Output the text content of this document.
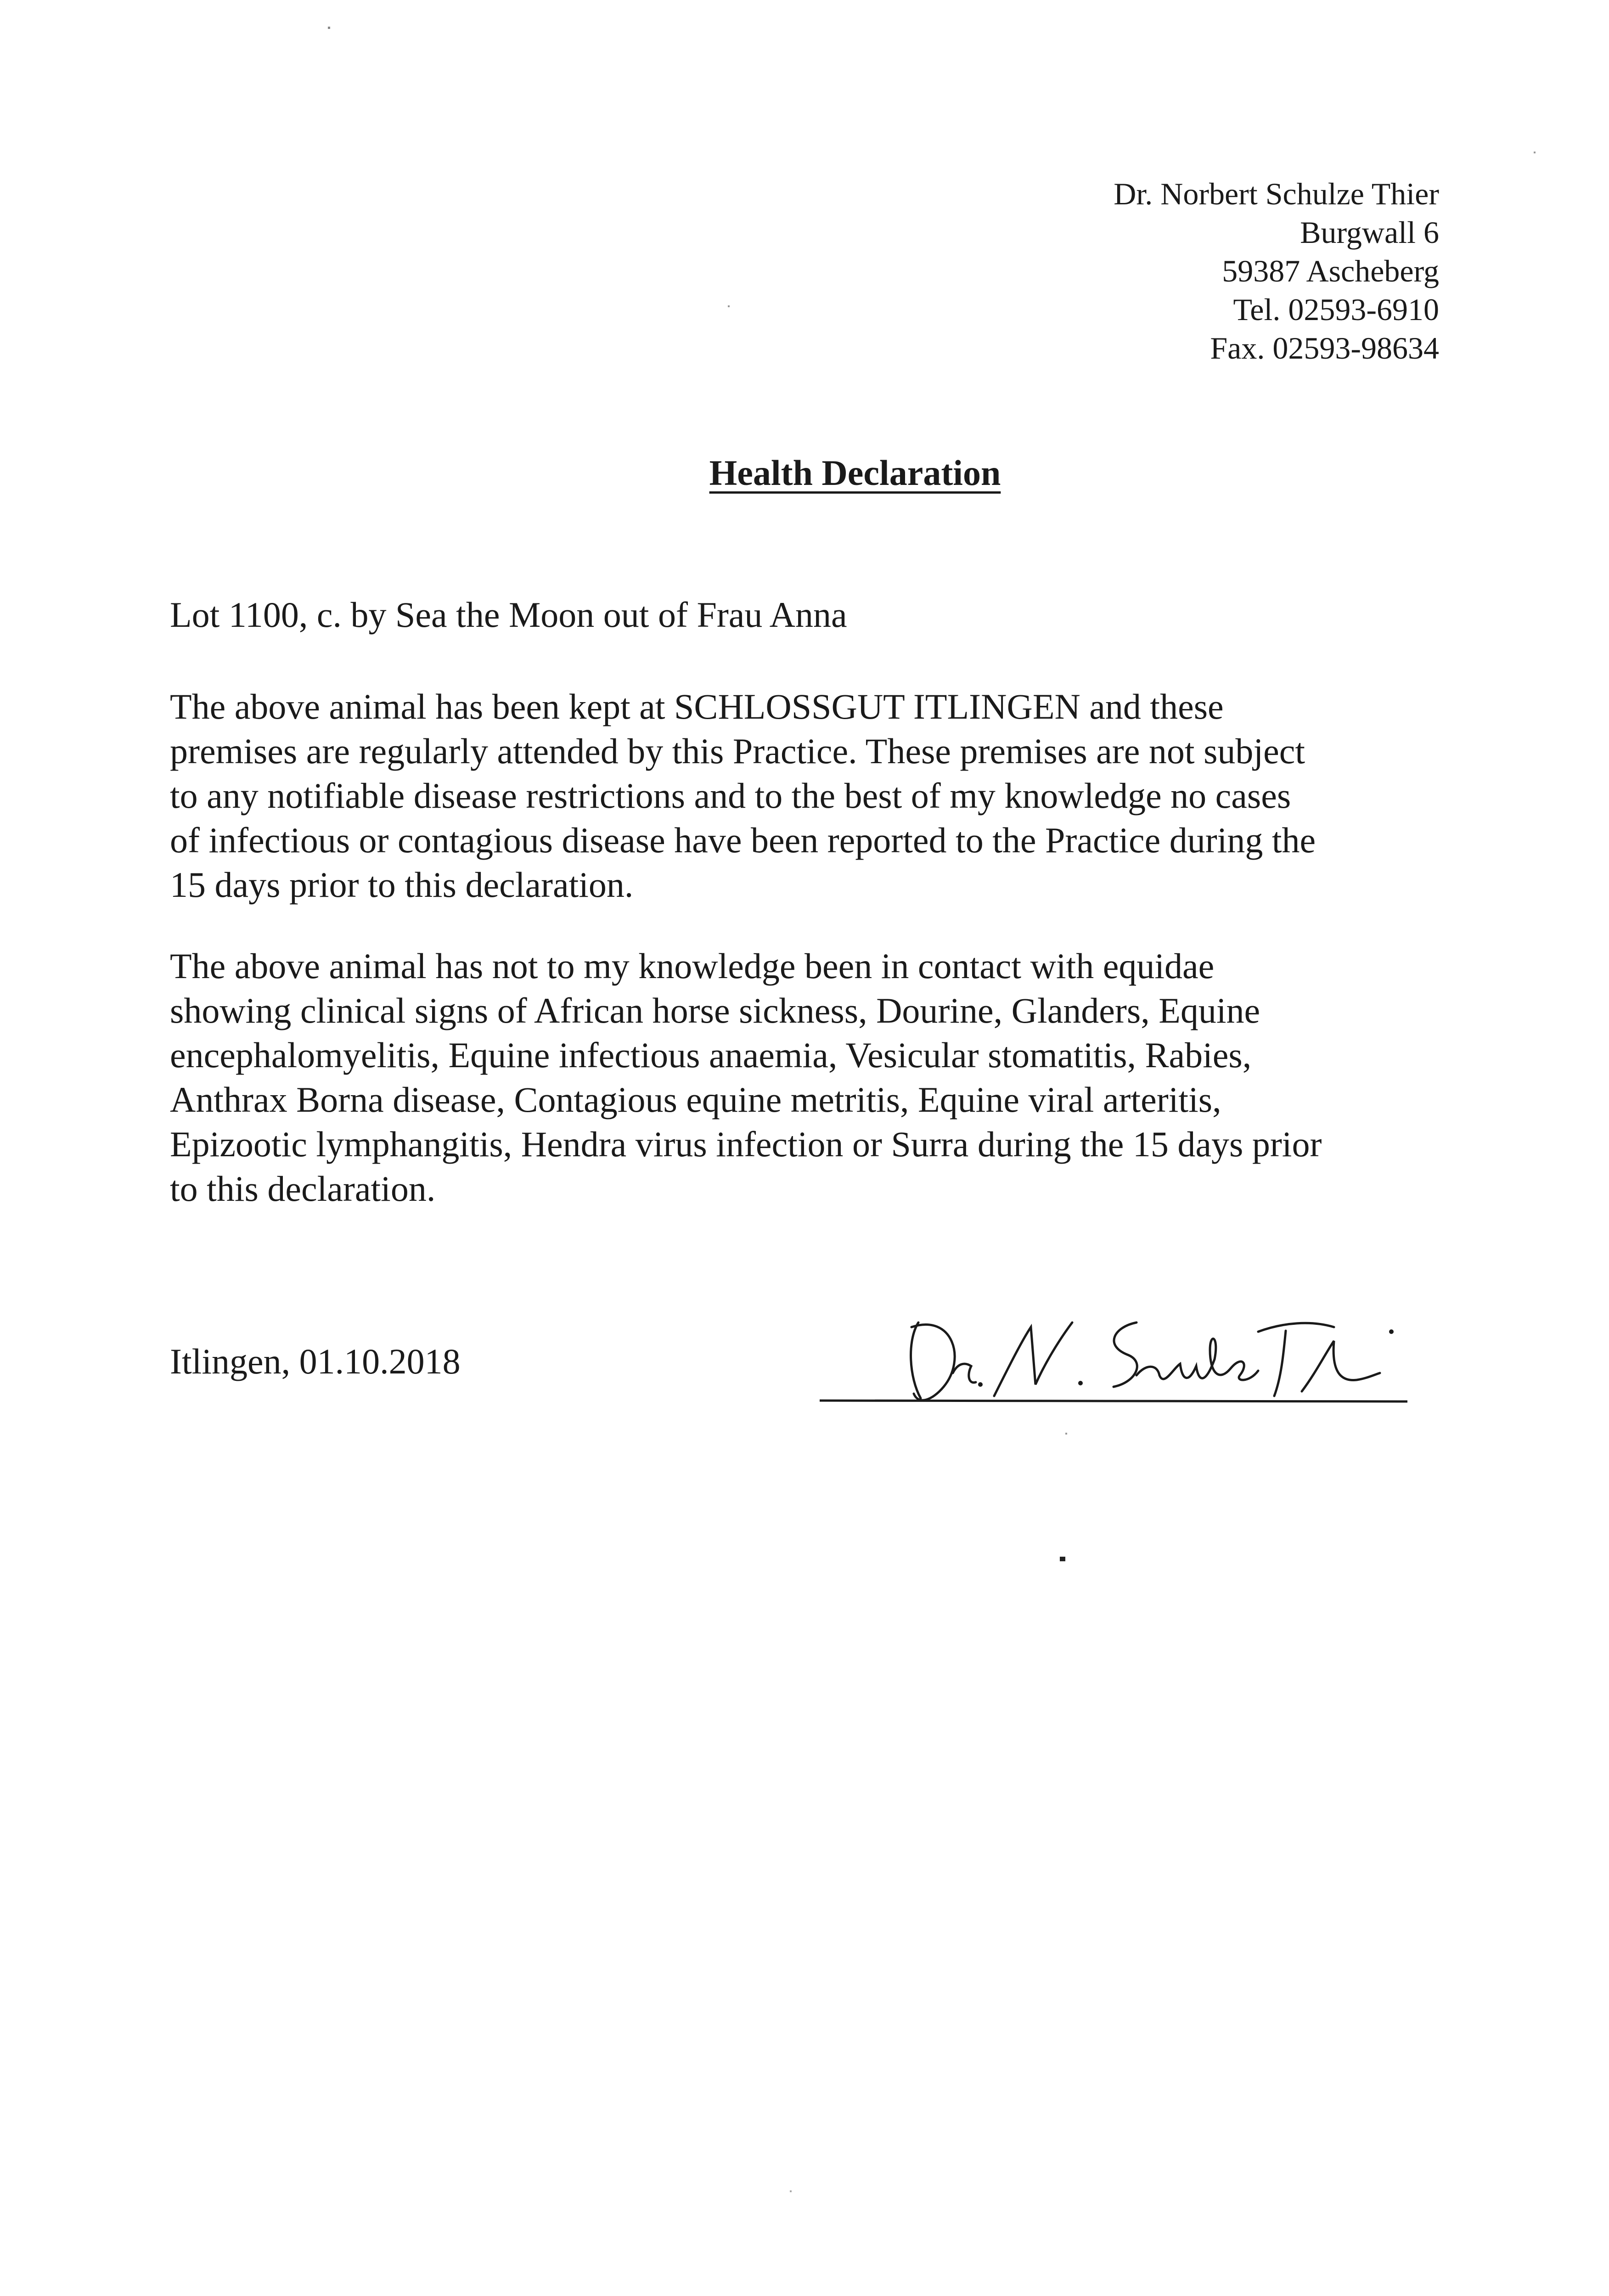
Dr. Norbert Schulze Thier
Burgwall 6
59387 Ascheberg
Tel. 02593-6910
Fax. 02593-98634
Health Declaration
Lot 1100, c. by Sea the Moon out of Frau Anna
The above animal has been kept at SCHLOSSGUT ITLINGEN and these
premises are regularly attended by this Practice. These premises are not subject
to any notifiable disease restrictions and to the best of my knowledge no cases
of infectious or contagious disease have been reported to the Practice during the
15 days prior to this declaration.
The above animal has not to my knowledge been in contact with equidae
showing clinical signs of African horse sickness, Dourine, Glanders, Equine
encephalomyelitis, Equine infectious anaemia, Vesicular stomatitis, Rabies,
Anthrax Borna disease, Contagious equine metritis, Equine viral arteritis,
Epizootic lymphangitis, Hendra virus infection or Surra during the 15 days prior
to this declaration.
Itlingen, 01.10.2018
